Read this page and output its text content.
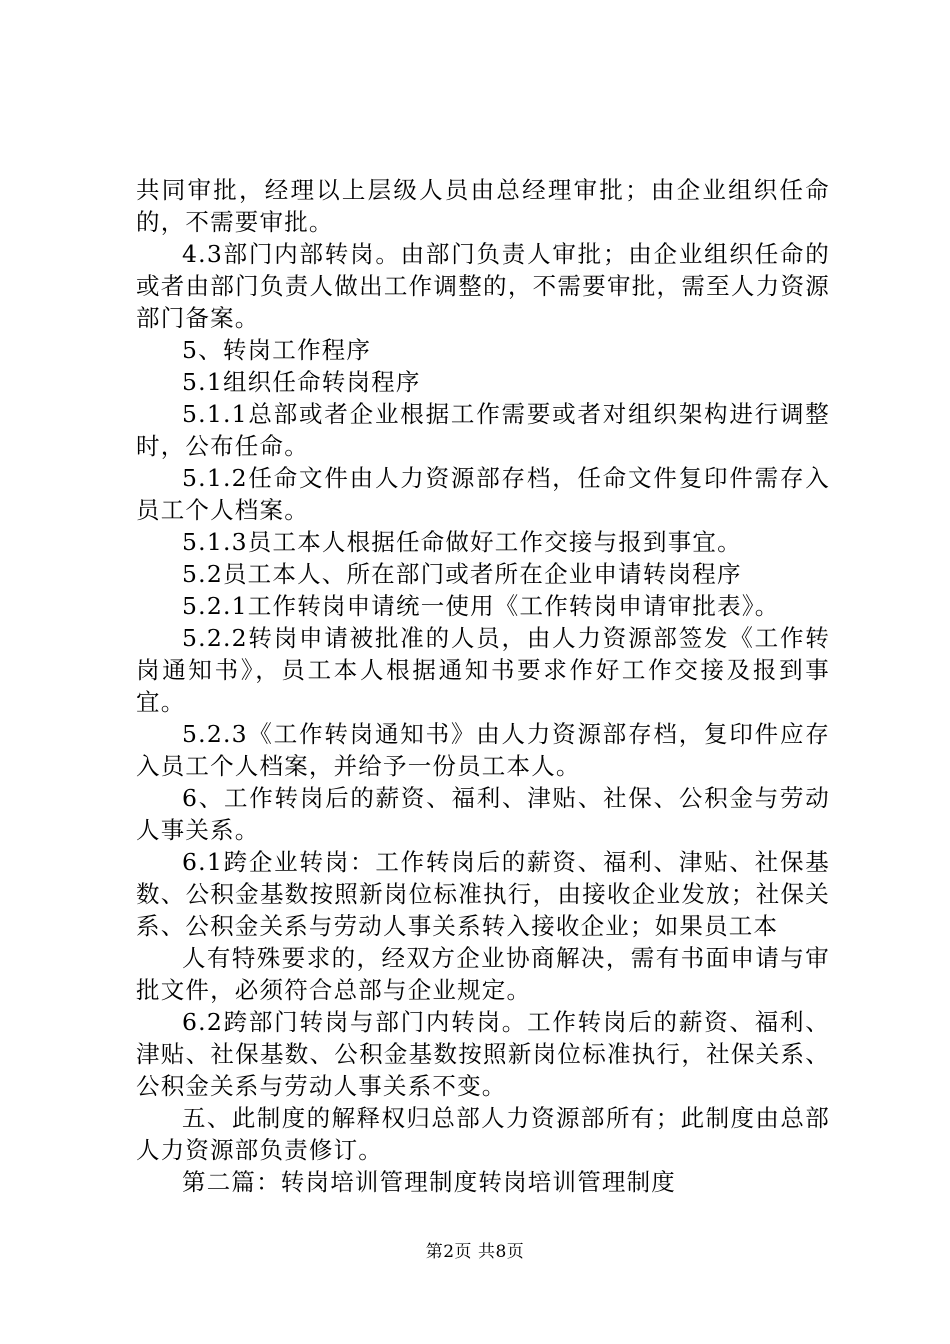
共同审批，经理以上层级人员由总经理审批；由企业组织任命的，不需要审批。

4.3部门内部转岗。由部门负责人审批；由企业组织任命的或者由部门负责人做出工作调整的，不需要审批，需至人力资源部门备案。

5、转岗工作程序

5.1组织任命转岗程序

5.1.1总部或者企业根据工作需要或者对组织架构进行调整时，公布任命。

5.1.2任命文件由人力资源部存档，任命文件复印件需存入员工个人档案。

5.1.3员工本人根据任命做好工作交接与报到事宜。

5.2员工本人、所在部门或者所在企业申请转岗程序

5.2.1工作转岗申请统一使用《工作转岗申请审批表》。

5.2.2转岗申请被批准的人员，由人力资源部签发《工作转岗通知书》，员工本人根据通知书要求作好工作交接及报到事宜。

5.2.3《工作转岗通知书》由人力资源部存档，复印件应存入员工个人档案，并给予一份员工本人。

6、工作转岗后的薪资、福利、津贴、社保、公积金与劳动人事关系。

6.1跨企业转岗：工作转岗后的薪资、福利、津贴、社保基数、公积金基数按照新岗位标准执行，由接收企业发放；社保关系、公积金关系与劳动人事关系转入接收企业；如果员工本

人有特殊要求的，经双方企业协商解决，需有书面申请与审批文件，必须符合总部与企业规定。

6.2跨部门转岗与部门内转岗。工作转岗后的薪资、福利、津贴、社保基数、公积金基数按照新岗位标准执行，社保关系、公积金关系与劳动人事关系不变。

五、此制度的解释权归总部人力资源部所有；此制度由总部人力资源部负责修订。

第二篇：转岗培训管理制度转岗培训管理制度

第2页 共8页
